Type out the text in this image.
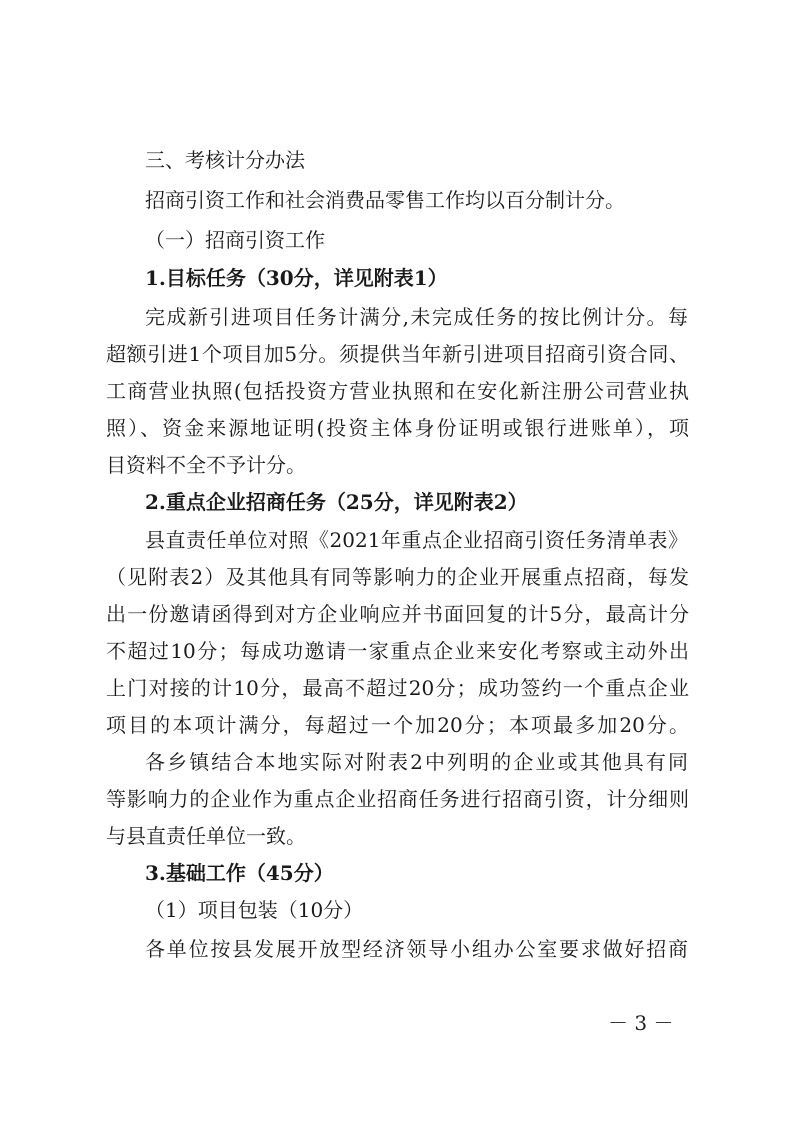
三、考核计分办法
招商引资工作和社会消费品零售工作均以百分制计分。
（一）招商引资工作
1.目标任务（30分，详见附表1）
完成新引进项目任务计满分,未完成任务的按比例计分。每
超额引进1个项目加5分。须提供当年新引进项目招商引资合同、
工商营业执照(包括投资方营业执照和在安化新注册公司营业执
照）、资金来源地证明(投资主体身份证明或银行进账单），项
目资料不全不予计分。
2.重点企业招商任务（25分，详见附表2）
县直责任单位对照《2021年重点企业招商引资任务清单表》
（见附表2）及其他具有同等影响力的企业开展重点招商，每发
出一份邀请函得到对方企业响应并书面回复的计5分，最高计分
不超过10分；每成功邀请一家重点企业来安化考察或主动外出
上门对接的计10分，最高不超过20分；成功签约一个重点企业
项目的本项计满分，每超过一个加20分；本项最多加20分。
各乡镇结合本地实际对附表2中列明的企业或其他具有同
等影响力的企业作为重点企业招商任务进行招商引资，计分细则
与县直责任单位一致。
3.基础工作（45分）
（1）项目包装（10分）
各单位按县发展开放型经济领导小组办公室要求做好招商
－ 3 －
